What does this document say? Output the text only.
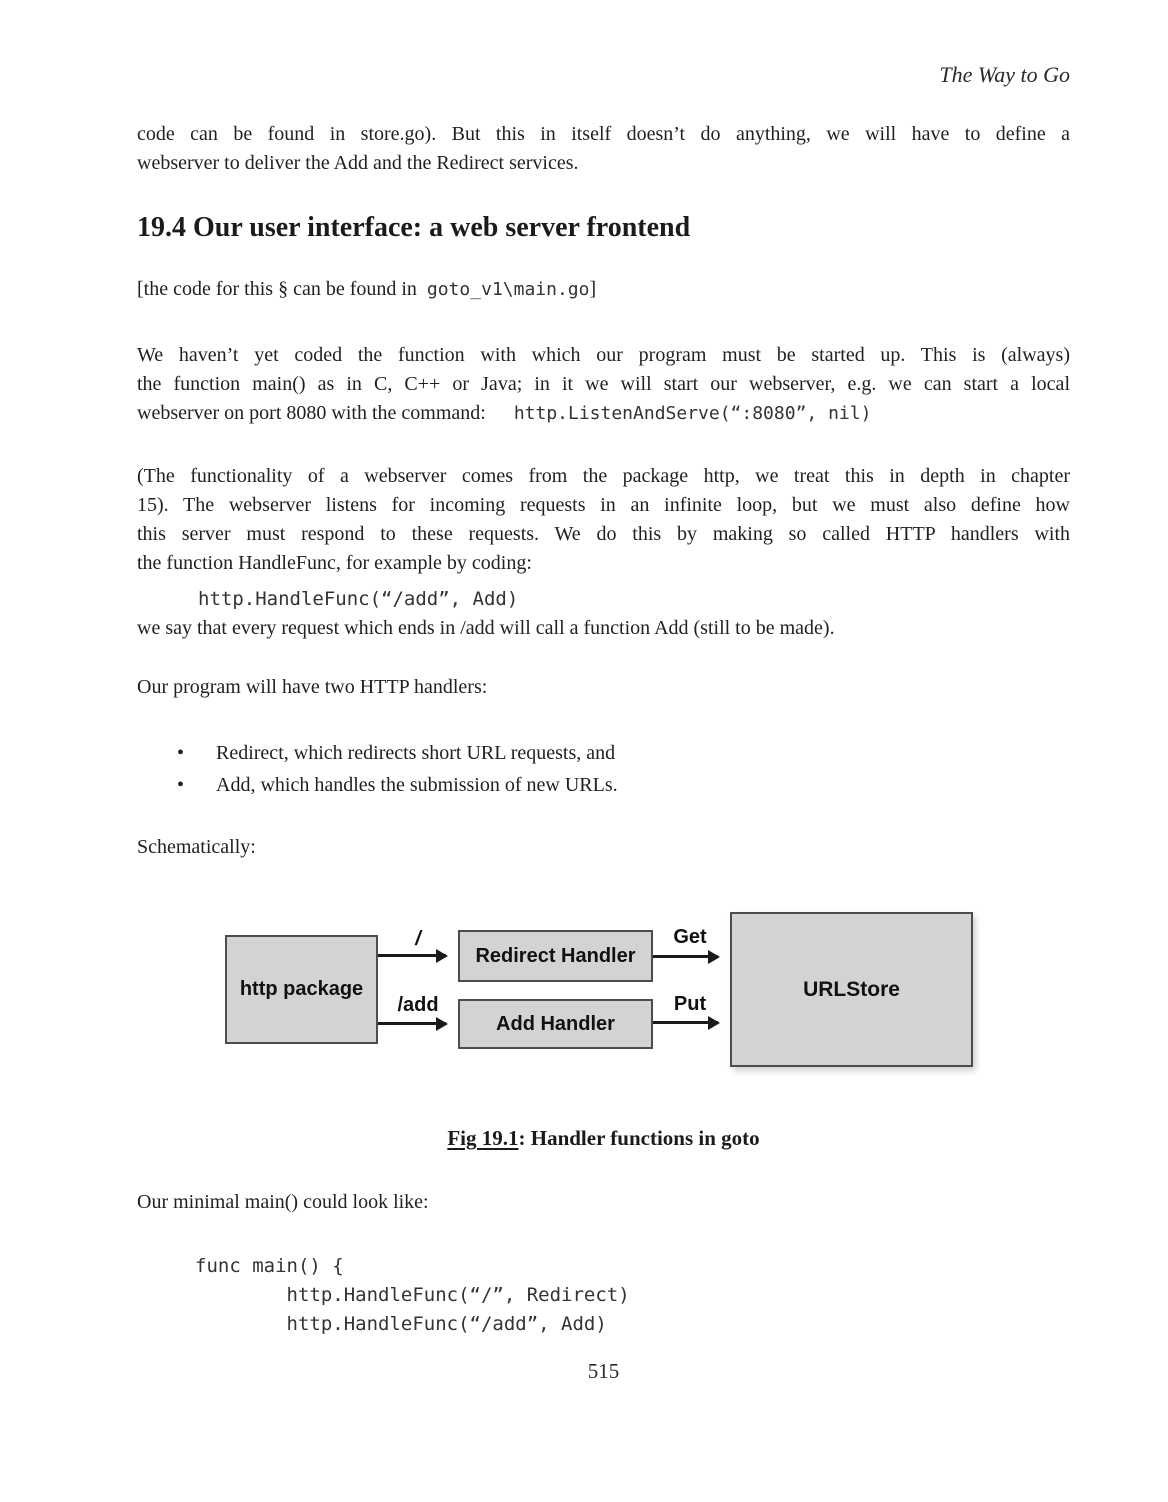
The Way to Go
code can be found in store.go). But this in itself doesn’t do anything, we will have to define a
webserver to deliver the Add and the Redirect services.
19.4 Our user interface: a web server frontend
[the code for this § can be found in goto_v1\main.go]
We haven’t yet coded the function with which our program must be started up. This is (always)
the function main() as in C, C++ or Java; in it we will start our webserver, e.g. we can start a local
webserver on port 8080 with the command: http.ListenAndServe(“:8080”, nil)
(The functionality of a webserver comes from the package http, we treat this in depth in chapter
15). The webserver listens for incoming requests in an infinite loop, but we must also define how
this server must respond to these requests. We do this by making so called HTTP handlers with
the function HandleFunc, for example by coding:
http.HandleFunc(“/add”, Add)
we say that every request which ends in /add will call a function Add (still to be made).
Our program will have two HTTP handlers:
• Redirect, which redirects short URL requests, and
• Add, which handles the submission of new URLs.
Schematically:
http package
Redirect Handler
Add Handler
URLStore
/
/add
Get
Put
Fig 19.1: Handler functions in goto
Our minimal main() could look like:
func main() {
http.HandleFunc(“/”, Redirect)
http.HandleFunc(“/add”, Add)
515
